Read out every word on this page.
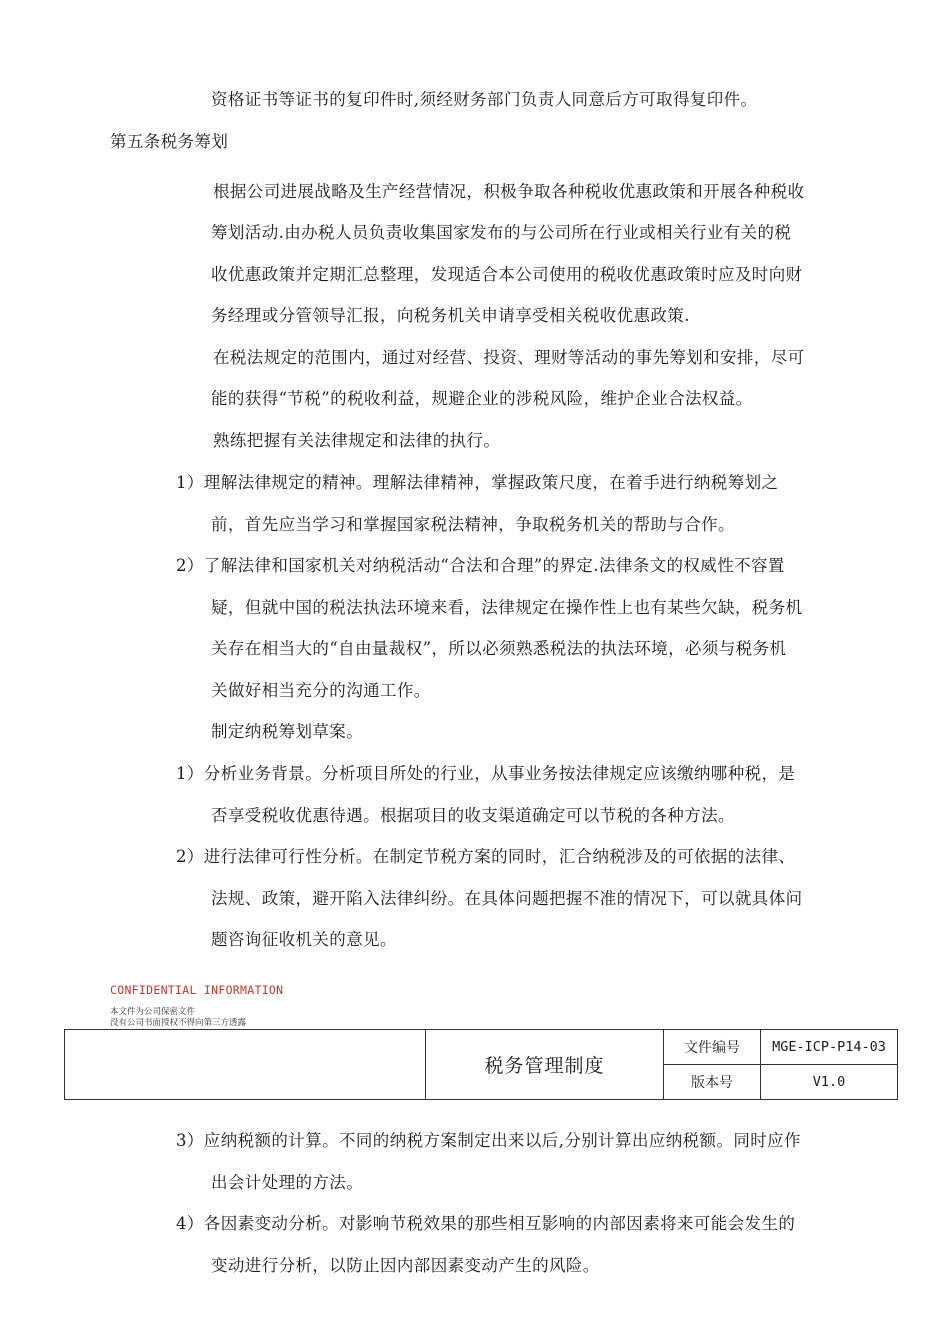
资格证书等证书的复印件时,须经财务部门负责人同意后方可取得复印件。
第五条税务筹划
根据公司进展战略及生产经营情况，积极争取各种税收优惠政策和开展各种税收
筹划活动.由办税人员负责收集国家发布的与公司所在行业或相关行业有关的税
收优惠政策并定期汇总整理，发现适合本公司使用的税收优惠政策时应及时向财
务经理或分管领导汇报，向税务机关申请享受相关税收优惠政策.
在税法规定的范围内，通过对经营、投资、理财等活动的事先筹划和安排，尽可
能的获得“节税”的税收利益，规避企业的涉税风险，维护企业合法权益。
熟练把握有关法律规定和法律的执行。
1）理解法律规定的精神。理解法律精神，掌握政策尺度，在着手进行纳税筹划之
前，首先应当学习和掌握国家税法精神，争取税务机关的帮助与合作。
2）了解法律和国家机关对纳税活动“合法和合理”的界定.法律条文的权威性不容置
疑，但就中国的税法执法环境来看，法律规定在操作性上也有某些欠缺，税务机
关存在相当大的“自由量裁权”，所以必须熟悉税法的执法环境，必须与税务机
关做好相当充分的沟通工作。
制定纳税筹划草案。
1）分析业务背景。分析项目所处的行业，从事业务按法律规定应该缴纳哪种税，是
否享受税收优惠待遇。根据项目的收支渠道确定可以节税的各种方法。
2）进行法律可行性分析。在制定节税方案的同时，汇合纳税涉及的可依据的法律、
法规、政策，避开陷入法律纠纷。在具体问题把握不准的情况下，可以就具体问
题咨询征收机关的意见。
CONFIDENTIAL INFORMATION
本文件为公司保密文件
没有公司书面授权不得向第三方透露
	税务管理制度	文件编号	MGE-ICP-P14-03
		版本号	V1.0
3）应纳税额的计算。不同的纳税方案制定出来以后,分别计算出应纳税额。同时应作
出会计处理的方法。
4）各因素变动分析。对影响节税效果的那些相互影响的内部因素将来可能会发生的
变动进行分析，以防止因内部因素变动产生的风险。
